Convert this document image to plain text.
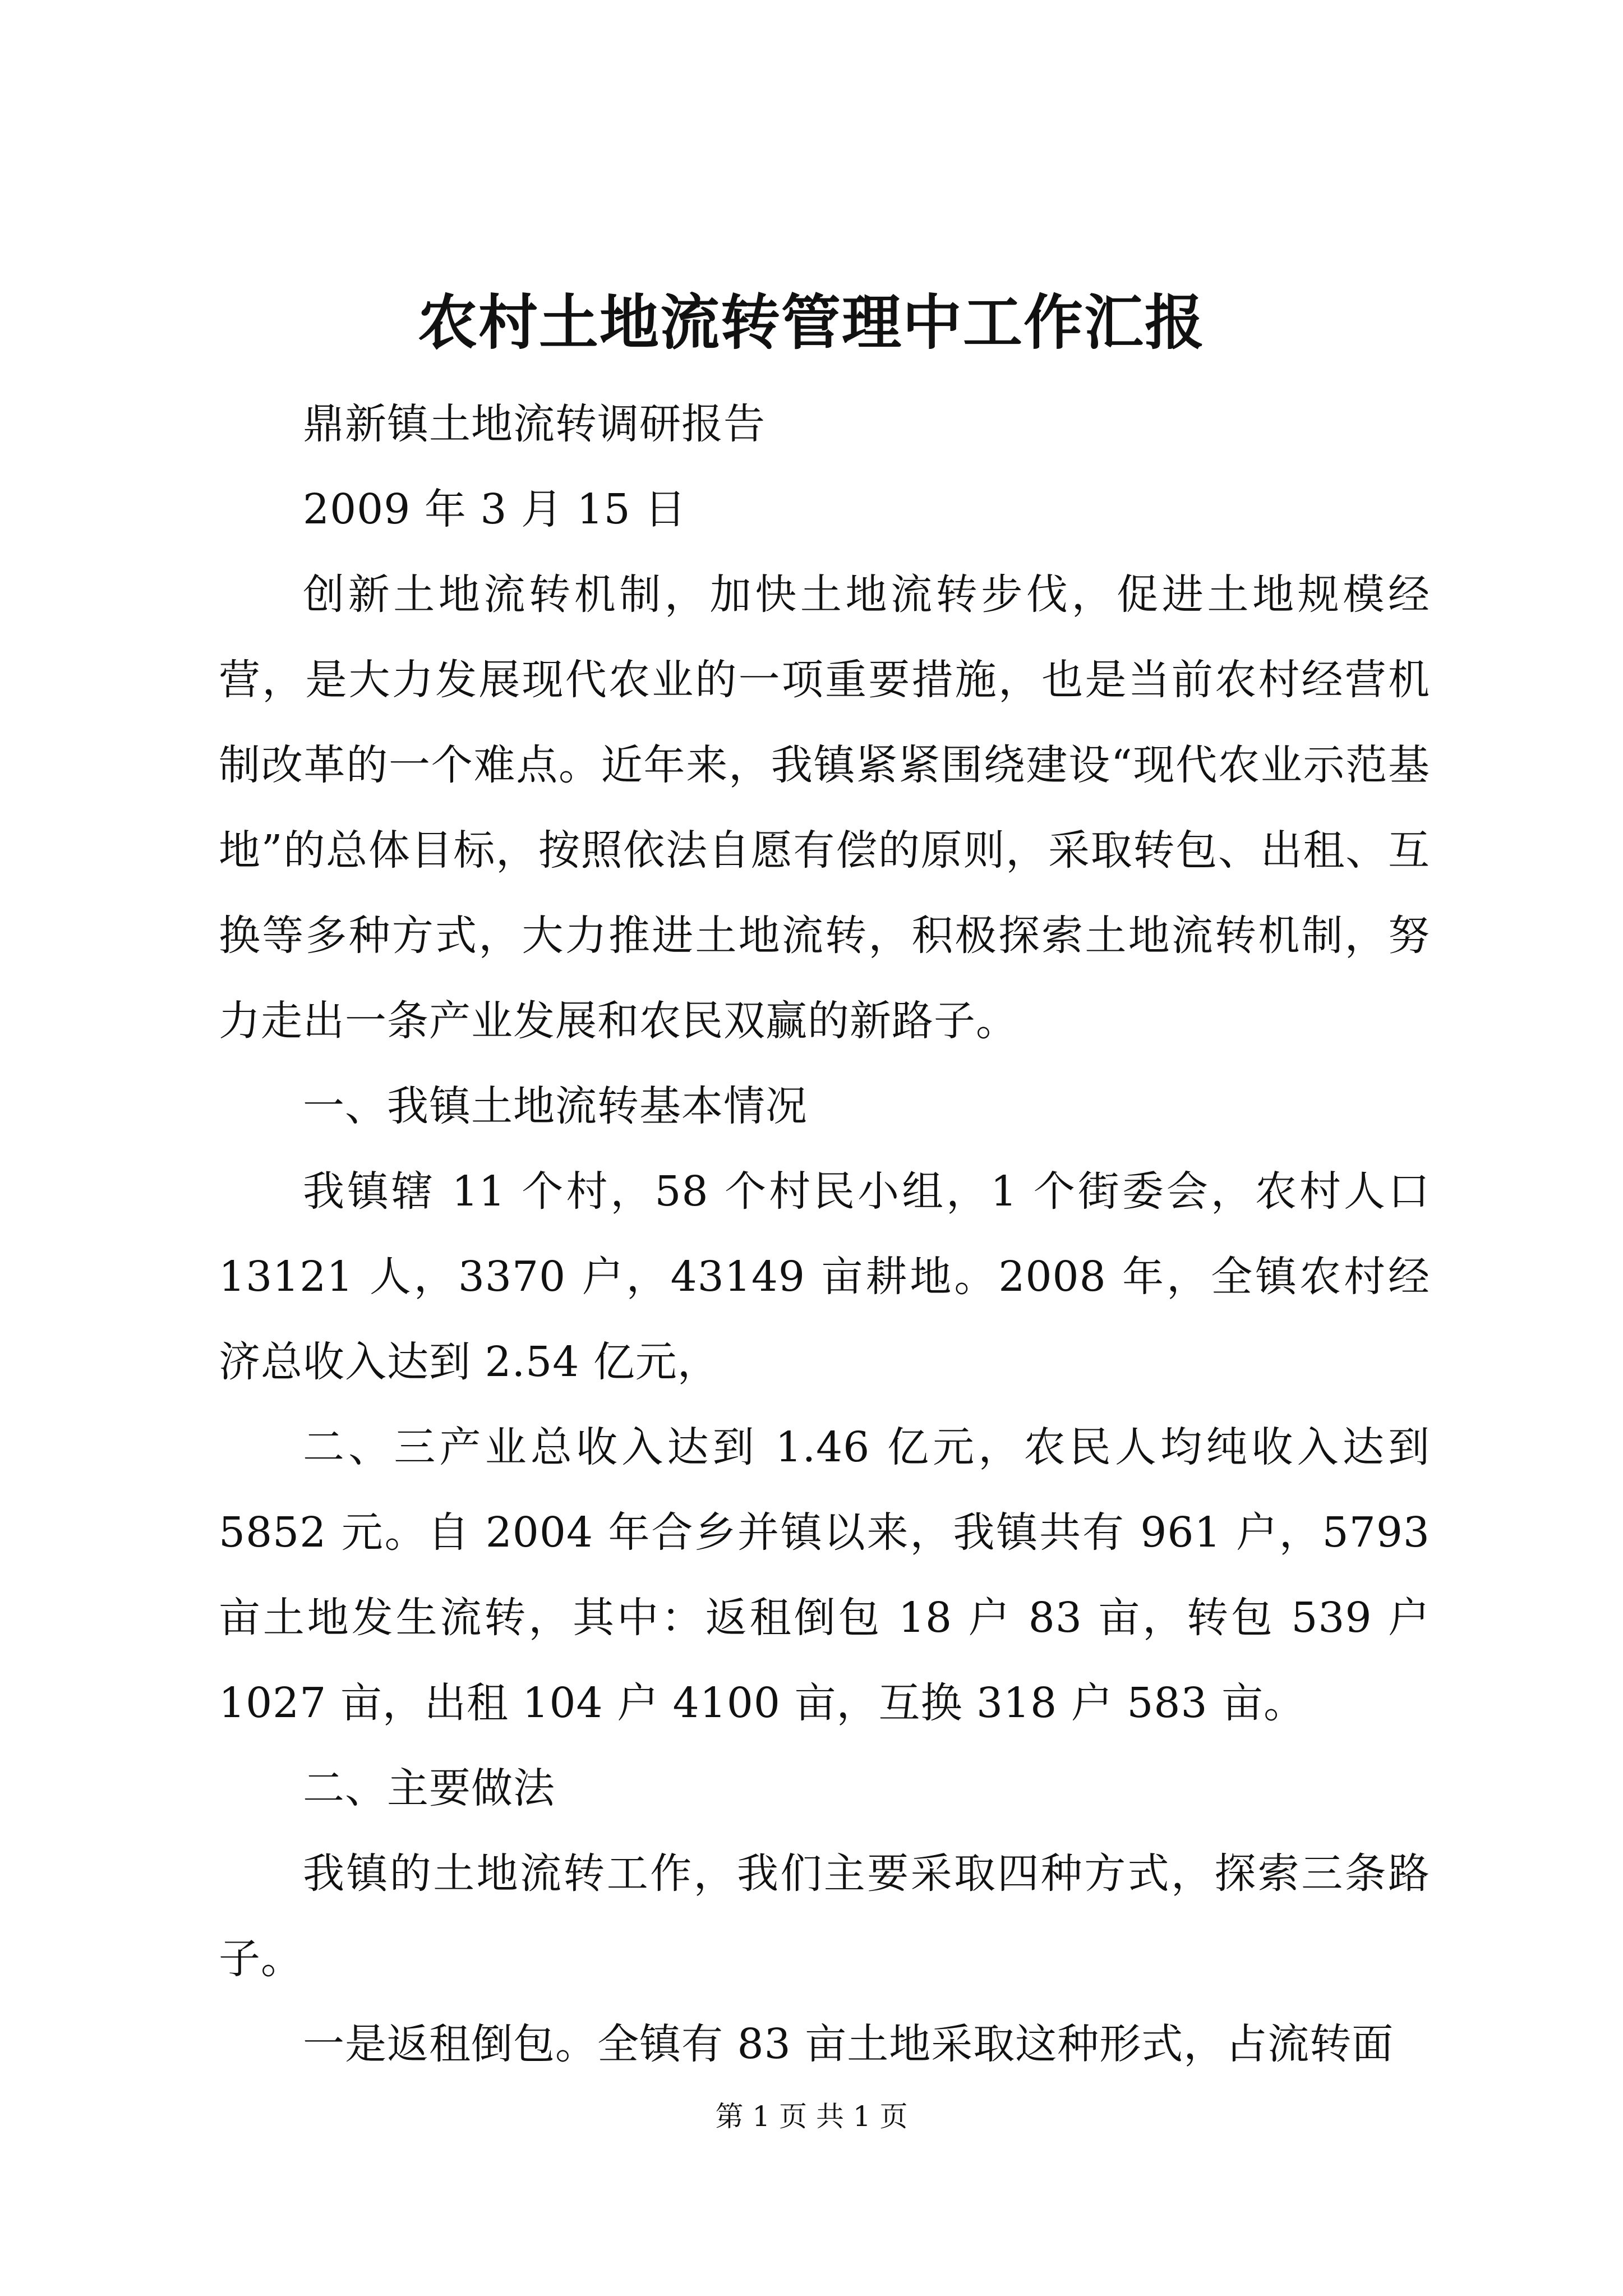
农村土地流转管理中工作汇报

鼎新镇土地流转调研报告

2009 年 3 月 15 日

创新土地流转机制，加快土地流转步伐，促进土地规模经营，是大力发展现代农业的一项重要措施，也是当前农村经营机制改革的一个难点。近年来，我镇紧紧围绕建设“现代农业示范基地”的总体目标，按照依法自愿有偿的原则，采取转包、出租、互换等多种方式，大力推进土地流转，积极探索土地流转机制，努力走出一条产业发展和农民双赢的新路子。

一、我镇土地流转基本情况

我镇辖 11 个村，58 个村民小组，1 个街委会，农村人口 13121 人，3370 户，43149 亩耕地。2008 年，全镇农村经济总收入达到 2.54 亿元，

二、三产业总收入达到 1.46 亿元，农民人均纯收入达到 5852 元。自 2004 年合乡并镇以来，我镇共有 961 户，5793 亩土地发生流转，其中：返租倒包 18 户 83 亩，转包 539 户 1027 亩，出租 104 户 4100 亩，互换 318 户 583 亩。

二、主要做法

我镇的土地流转工作，我们主要采取四种方式，探索三条路子。

一是返租倒包。全镇有 83 亩土地采取这种形式，占流转面

第 1 页 共 1 页
